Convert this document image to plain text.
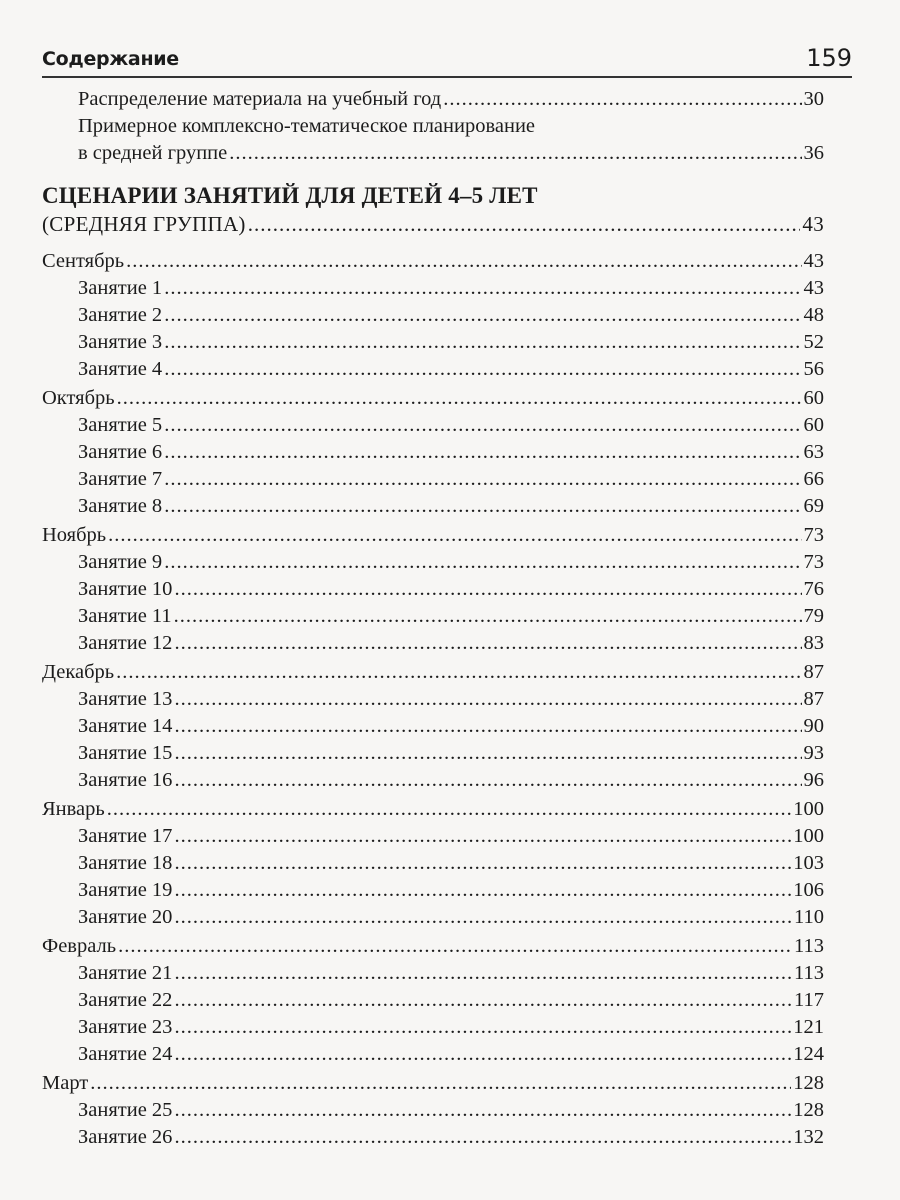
Содержание	159
Распределение материала на учебный год .....	30
Примерное комплексно-тематическое планирование
в средней группе .....	36
СЦЕНАРИИ ЗАНЯТИЙ ДЛЯ ДЕТЕЙ 4–5 ЛЕТ
(СРЕДНЯЯ ГРУППА) .....	43
Сентябрь .....	43
Занятие 1 .....	43
Занятие 2 .....	48
Занятие 3 .....	52
Занятие 4 .....	56
Октябрь .....	60
Занятие 5 .....	60
Занятие 6 .....	63
Занятие 7 .....	66
Занятие 8 .....	69
Ноябрь .....	73
Занятие 9 .....	73
Занятие 10 .....	76
Занятие 11 .....	79
Занятие 12 .....	83
Декабрь .....	87
Занятие 13 .....	87
Занятие 14 .....	90
Занятие 15 .....	93
Занятие 16 .....	96
Январь .....	100
Занятие 17 .....	100
Занятие 18 .....	103
Занятие 19 .....	106
Занятие 20 .....	110
Февраль .....	113
Занятие 21 .....	113
Занятие 22 .....	117
Занятие 23 .....	121
Занятие 24 .....	124
Март .....	128
Занятие 25 .....	128
Занятие 26 .....	132
